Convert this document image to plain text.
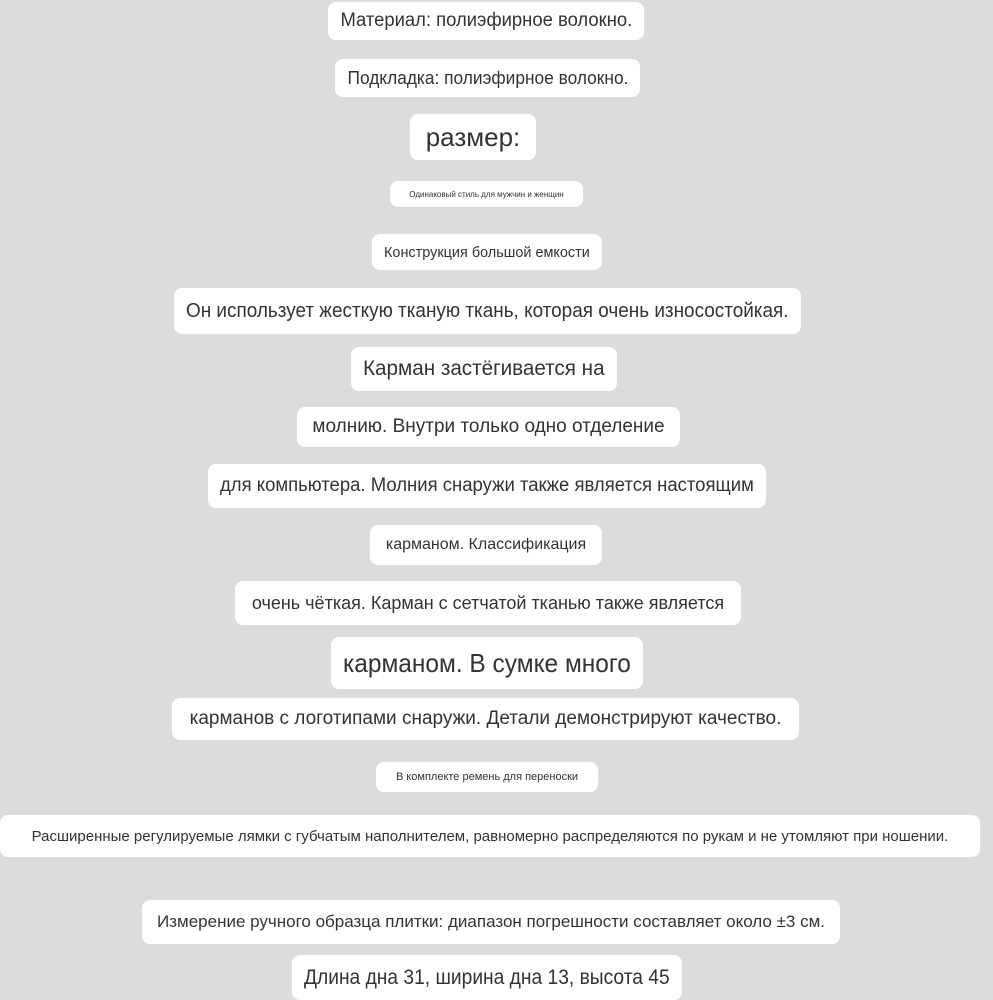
Материал: полиэфирное волокно.
Подкладка: полиэфирное волокно.
размер:
Одинаковый стиль для мужчин и женщин
Конструкция большой емкости
Он использует жесткую тканую ткань, которая очень износостойкая.
Карман застёгивается на
молнию. Внутри только одно отделение
для компьютера. Молния снаружи также является настоящим
карманом. Классификация
очень чёткая. Карман с сетчатой тканью также является
карманом. В сумке много
карманов с логотипами снаружи. Детали демонстрируют качество.
В комплекте ремень для переноски
Расширенные регулируемые лямки с губчатым наполнителем, равномерно распределяются по рукам и не утомляют при ношении.
Измерение ручного образца плитки: диапазон погрешности составляет около ±3 см.
Длина дна 31, ширина дна 13, высота 45
